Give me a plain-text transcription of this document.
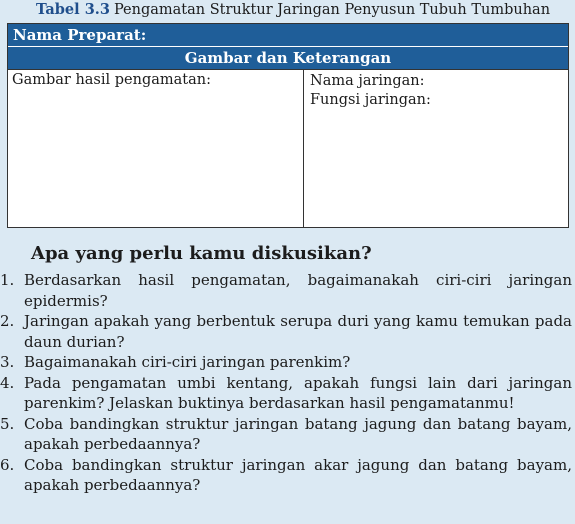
Tabel 3.3 Pengamatan Struktur Jaringan Penyusun Tubuh Tumbuhan
Nama Preparat:
Gambar dan Keterangan
Gambar hasil pengamatan:	Nama jaringan:
Fungsi jaringan:
Apa yang perlu kamu diskusikan?
1. Berdasarkan hasil pengamatan, bagaimanakah ciri-ciri jaringan epidermis?
2. Jaringan apakah yang berbentuk serupa duri yang kamu temukan pada daun durian?
3. Bagaimanakah ciri-ciri jaringan parenkim?
4. Pada pengamatan umbi kentang, apakah fungsi lain dari jaringan parenkim? Jelaskan buktinya berdasarkan hasil pengamatanmu!
5. Coba bandingkan struktur jaringan batang jagung dan batang bayam, apakah perbedaannya?
6. Coba bandingkan struktur jaringan akar jagung dan batang bayam, apakah perbedaannya?
